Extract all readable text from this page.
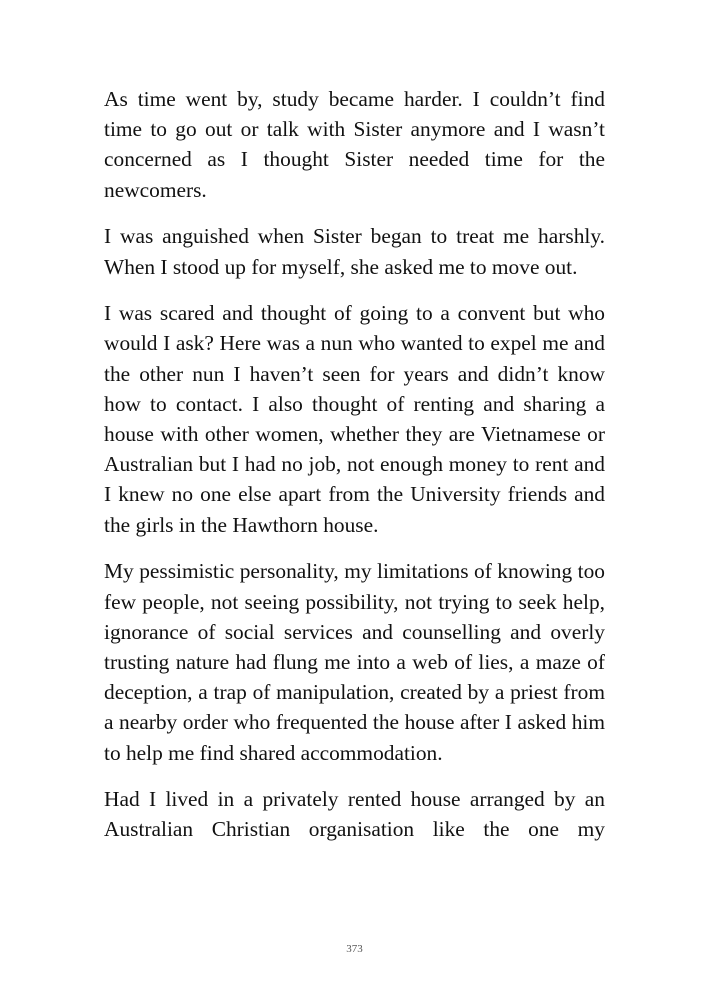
As time went by, study became harder. I couldn’t find time to go out or talk with Sister anymore and I wasn’t concerned as I thought Sister needed time for the newcomers.

I was anguished when Sister began to treat me harshly. When I stood up for myself, she asked me to move out.

I was scared and thought of going to a convent but who would I ask? Here was a nun who wanted to expel me and the other nun I haven’t seen for years and didn’t know how to contact. I also thought of renting and sharing a house with other women, whether they are Vietnamese or Australian but I had no job, not enough money to rent and I knew no one else apart from the University friends and the girls in the Hawthorn house.

My pessimistic personality, my limitations of knowing too few people, not seeing possibility, not trying to seek help, ignorance of social services and counselling and overly trusting nature had flung me into a web of lies, a maze of deception, a trap of manipulation, created by a priest from a nearby order who frequented the house after I asked him to help me find shared accommodation.

Had I lived in a privately rented house arranged by an Australian Christian organisation like the one my

373
